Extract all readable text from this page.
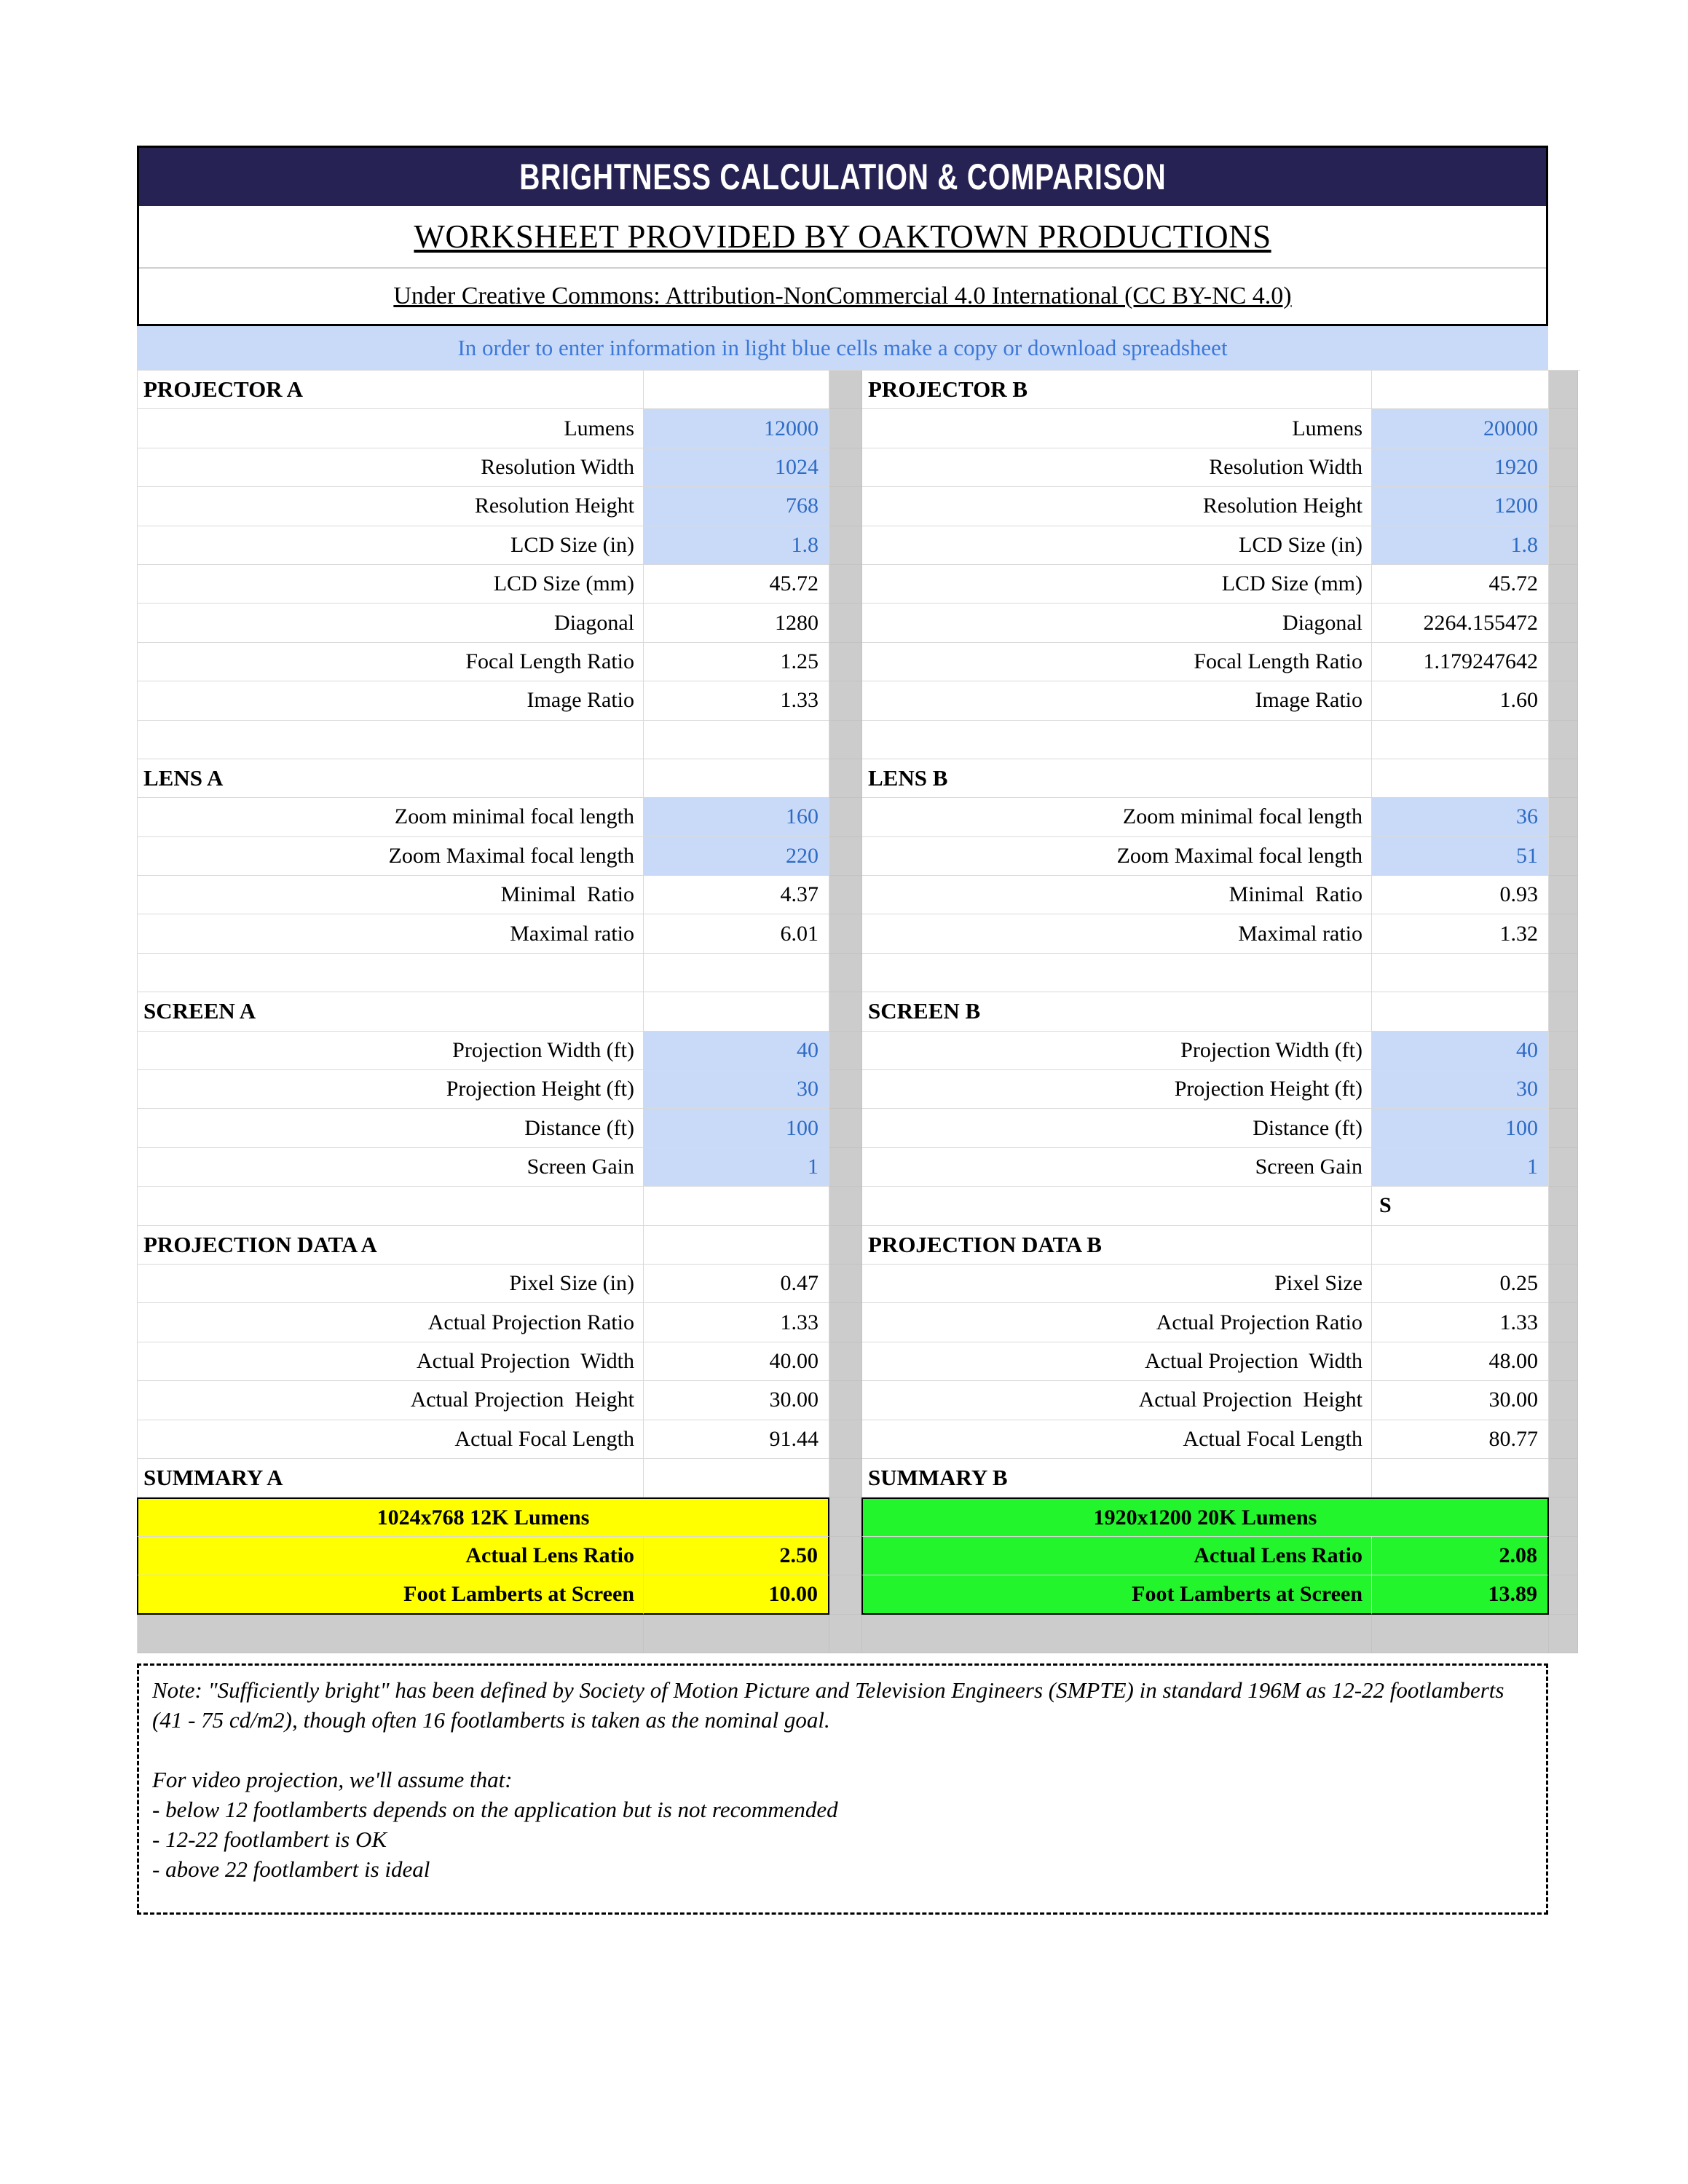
BRIGHTNESS CALCULATION & COMPARISON
WORKSHEET PROVIDED BY OAKTOWN PRODUCTIONS
Under Creative Commons: Attribution-NonCommercial 4.0 International (CC BY-NC 4.0)
In order to enter information in light blue cells make a copy or download spreadsheet
PROJECTOR A	PROJECTOR B
Lumens	12000	Lumens	20000
Resolution Width	1024	Resolution Width	1920
Resolution Height	768	Resolution Height	1200
LCD Size (in)	1.8	LCD Size (in)	1.8
LCD Size (mm)	45.72	LCD Size (mm)	45.72
Diagonal	1280	Diagonal	2264.155472
Focal Length Ratio	1.25	Focal Length Ratio	1.179247642
Image Ratio	1.33	Image Ratio	1.60
LENS A	LENS B
Zoom minimal focal length	160	Zoom minimal focal length	36
Zoom Maximal focal length	220	Zoom Maximal focal length	51
Minimal  Ratio	4.37	Minimal  Ratio	0.93
Maximal ratio	6.01	Maximal ratio	1.32
SCREEN A	SCREEN B
Projection Width (ft)	40	Projection Width (ft)	40
Projection Height (ft)	30	Projection Height (ft)	30
Distance (ft)	100	Distance (ft)	100
Screen Gain	1	Screen Gain	1
S
PROJECTION DATA A	PROJECTION DATA B
Pixel Size (in)	0.47	Pixel Size	0.25
Actual Projection Ratio	1.33	Actual Projection Ratio	1.33
Actual Projection  Width	40.00	Actual Projection  Width	48.00
Actual Projection  Height	30.00	Actual Projection  Height	30.00
Actual Focal Length	91.44	Actual Focal Length	80.77
SUMMARY A	SUMMARY B
1024x768 12K Lumens	1920x1200 20K Lumens
Actual Lens Ratio	2.50	Actual Lens Ratio	2.08
Foot Lamberts at Screen	10.00	Foot Lamberts at Screen	13.89
Note: "Sufficiently bright" has been defined by Society of Motion Picture and Television Engineers (SMPTE) in standard 196M as 12-22 footlamberts (41 - 75 cd/m2), though often 16 footlamberts is taken as the nominal goal.

For video projection, we'll assume that:
- below 12 footlamberts depends on the application but is not recommended
- 12-22 footlambert is OK
- above 22 footlambert is ideal
